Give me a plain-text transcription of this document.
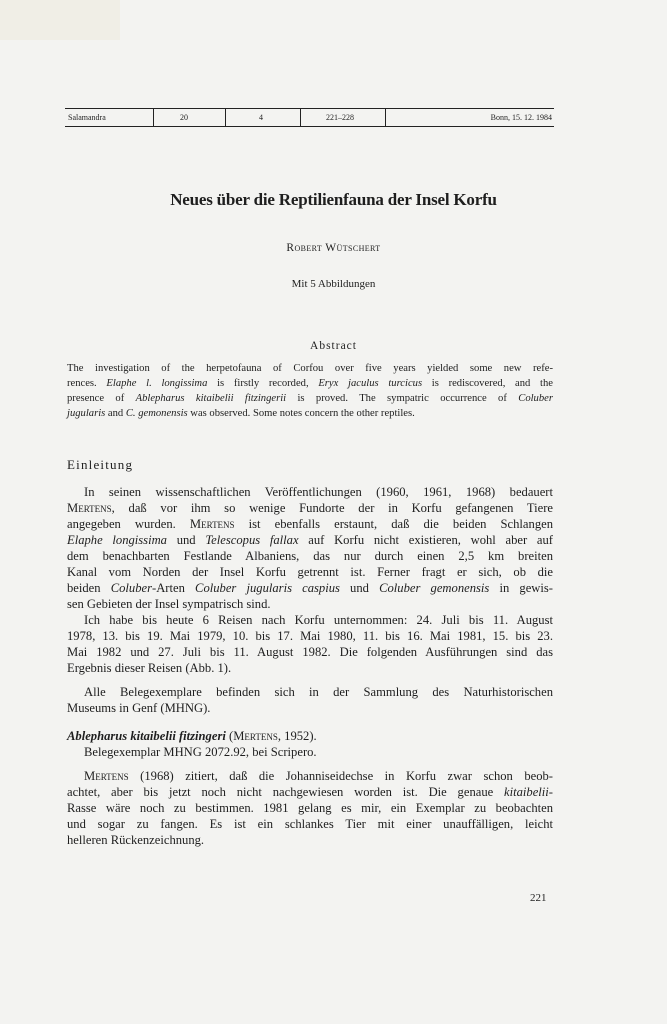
Salamandra	20	4	221–228	Bonn, 15. 12. 1984
Neues über die Reptilienfauna der Insel Korfu
Robert Wütschert
Mit 5 Abbildungen
Abstract
The investigation of the herpetofauna of Corfou over five years yielded some new refe-
rences. Elaphe l. longissima is firstly recorded, Eryx jaculus turcicus is rediscovered, and the
presence of Ablepharus kitaibelii fitzingerii is proved. The sympatric occurrence of Coluber
jugularis and C. gemonensis was observed. Some notes concern the other reptiles.
Einleitung
In seinen wissenschaftlichen Veröffentlichungen (1960, 1961, 1968) bedauert
Mertens, daß vor ihm so wenige Fundorte der in Korfu gefangenen Tiere
angegeben wurden. Mertens ist ebenfalls erstaunt, daß die beiden Schlangen
Elaphe longissima und Telescopus fallax auf Korfu nicht existieren, wohl aber auf
dem benachbarten Festlande Albaniens, das nur durch einen 2,5 km breiten
Kanal vom Norden der Insel Korfu getrennt ist. Ferner fragt er sich, ob die
beiden Coluber-Arten Coluber jugularis caspius und Coluber gemonensis in gewis-
sen Gebieten der Insel sympatrisch sind.
Ich habe bis heute 6 Reisen nach Korfu unternommen: 24. Juli bis 11. August
1978, 13. bis 19. Mai 1979, 10. bis 17. Mai 1980, 11. bis 16. Mai 1981, 15. bis 23.
Mai 1982 und 27. Juli bis 11. August 1982. Die folgenden Ausführungen sind das
Ergebnis dieser Reisen (Abb. 1).
Alle Belegexemplare befinden sich in der Sammlung des Naturhistorischen
Museums in Genf (MHNG).
Ablepharus kitaibelii fitzingeri (Mertens, 1952).
Belegexemplar MHNG 2072.92, bei Scripero.
Mertens (1968) zitiert, daß die Johanniseidechse in Korfu zwar schon beob-
achtet, aber bis jetzt noch nicht nachgewiesen worden ist. Die genaue kitaibelii-
Rasse wäre noch zu bestimmen. 1981 gelang es mir, ein Exemplar zu beobachten
und sogar zu fangen. Es ist ein schlankes Tier mit einer unauffälligen, leicht
helleren Rückenzeichnung.
221
